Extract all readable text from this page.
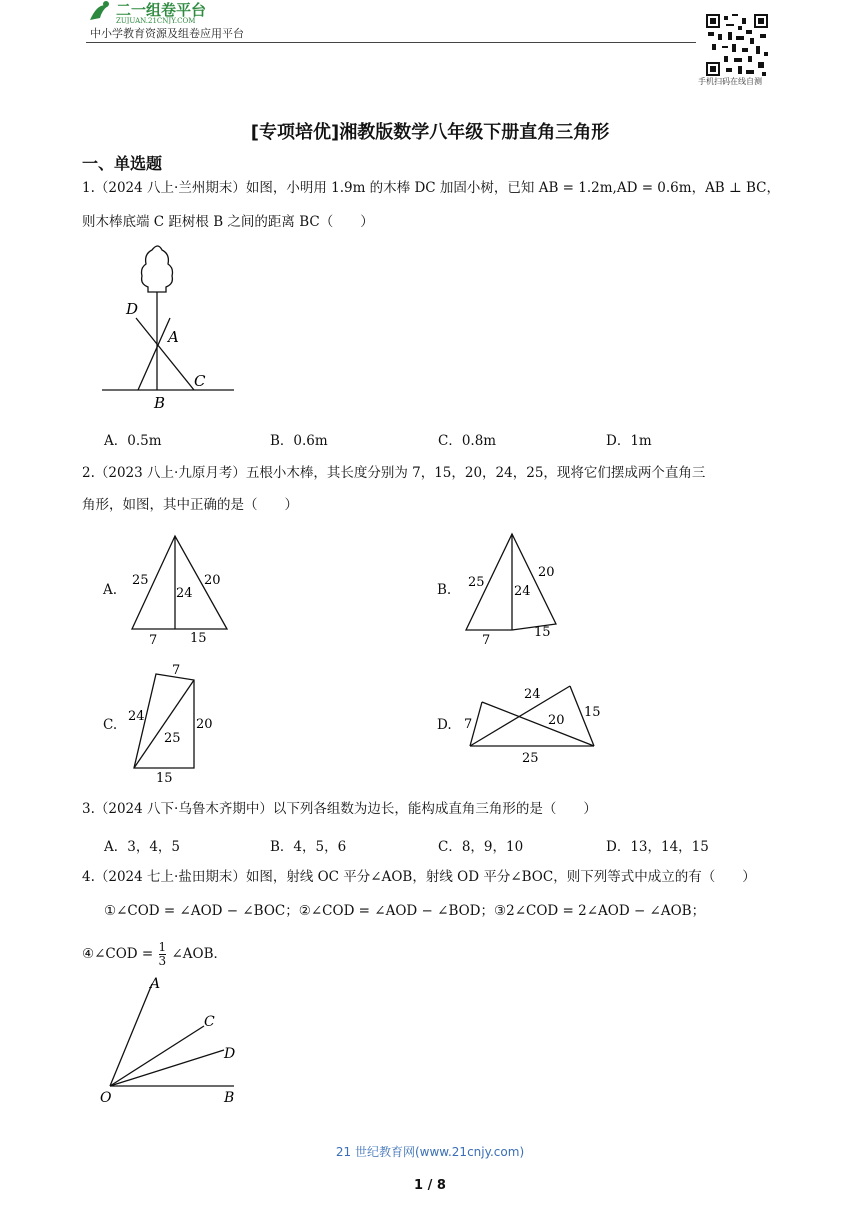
二一组卷平台
ZUJUAN.21CNJY.COM
中小学教育资源及组卷应用平台
手机扫码在线自测
[专项培优]湘教版数学八年级下册直角三角形
一、单选题
1.（2024 八上·兰州期末）如图，小明用 1.9m 的木棒 DC 加固小树，已知 AB = 1.2m,AD = 0.6m，AB ⊥ BC，
则木棒底端 C 距树根 B 之间的距离 BC（　　）
D
A
C
B
A．0.5m	B．0.6m	C．0.8m	D．1m
2.（2023 八上·九原月考）五根小木棒，其长度分别为 7，15，20，24，25，现将它们摆成两个直角三
角形，如图，其中正确的是（　　）
A.
25
24
20
7	15
B. 25
24
20
7
15
C.
7
24
25
20
15
D. 7
24
20
15
25
3.（2024 八下·乌鲁木齐期中）以下列各组数为边长，能构成直角三角形的是（　　）
A．3，4，5	B．4，5，6	C．8，9，10	D．13，14，15
4.（2024 七上·盐田期末）如图，射线 OC 平分∠AOB，射线 OD 平分∠BOC，则下列等式中成立的有（　　）
①∠COD = ∠AOD − ∠BOC；②∠COD = ∠AOD − ∠BOD；③2∠COD = 2∠AOD − ∠AOB；
④∠COD = $\frac{1}{3}$ ∠AOB．
A
C
D
O	B
21 世纪教育网(www.21cnjy.com)
1 / 8
